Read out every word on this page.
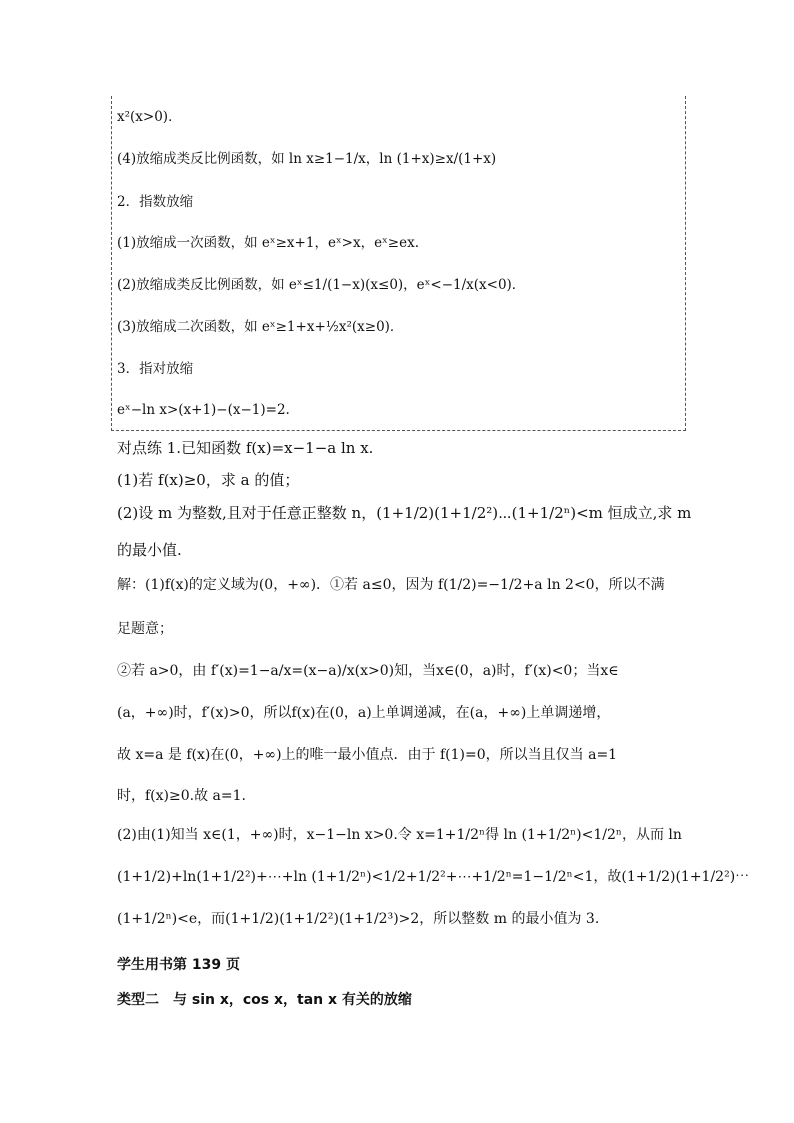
x²(x>0)．
(4)放缩成类反比例函数，如 ln x≥1−1/x，ln (1+x)≥x/(1+x)
2．指数放缩
(1)放缩成一次函数，如 eˣ≥x+1，eˣ>x，eˣ≥ex.
(2)放缩成类反比例函数，如 eˣ≤1/(1−x)(x≤0)，eˣ<−1/x(x<0)．
(3)放缩成二次函数，如 eˣ≥1+x+½x²(x≥0)．
3．指对放缩
eˣ−ln x>(x+1)−(x−1)=2.
对点练 1.已知函数 f(x)=x−1−a ln x.
(1)若 f(x)≥0，求 a 的值；
(2)设 m 为整数,且对于任意正整数 n，(1+1/2)(1+1/2²)⋯(1+1/2ⁿ)<m 恒成立,求 m
的最小值.
解：(1)f(x)的定义域为(0，+∞)．①若 a≤0，因为 f(1/2)=−1/2+a ln 2<0，所以不满
足题意；
②若 a>0，由 f′(x)=1−a/x=(x−a)/x(x>0)知，当x∈(0，a)时，f′(x)<0；当x∈
(a，+∞)时，f′(x)>0，所以f(x)在(0，a)上单调递减，在(a，+∞)上单调递增，
故 x=a 是 f(x)在(0，+∞)上的唯一最小值点．由于 f(1)=0，所以当且仅当 a=1
时，f(x)≥0.故 a=1.
(2)由(1)知当 x∈(1，+∞)时，x−1−ln x>0.令 x=1+1/2ⁿ得 ln (1+1/2ⁿ)<1/2ⁿ，从而 ln
(1+1/2)+ln(1+1/2²)+⋯+ln (1+1/2ⁿ)<1/2+1/2²+⋯+1/2ⁿ=1−1/2ⁿ<1，故(1+1/2)(1+1/2²)⋯
(1+1/2ⁿ)<e，而(1+1/2)(1+1/2²)(1+1/2³)>2，所以整数 m 的最小值为 3.
学生用书第 139 页
类型二　与 sin x，cos x，tan x 有关的放缩
